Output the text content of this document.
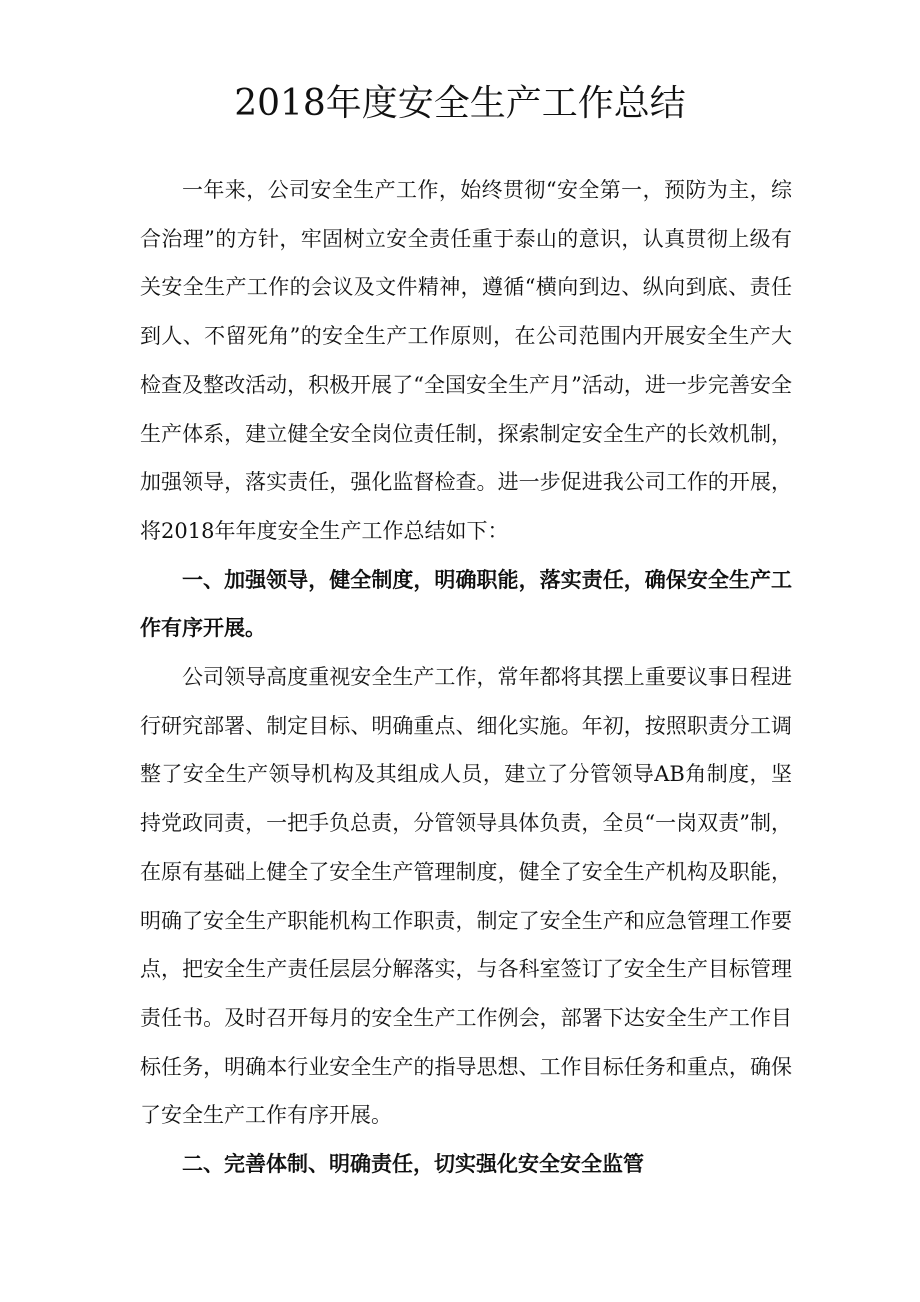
2018年度安全生产工作总结

一年来，公司安全生产工作，始终贯彻“安全第一，预防为主，综合治理”的方针，牢固树立安全责任重于泰山的意识，认真贯彻上级有关安全生产工作的会议及文件精神，遵循“横向到边、纵向到底、责任到人、不留死角”的安全生产工作原则，在公司范围内开展安全生产大检查及整改活动，积极开展了“全国安全生产月”活动，进一步完善安全生产体系，建立健全安全岗位责任制，探索制定安全生产的长效机制，加强领导，落实责任，强化监督检查。进一步促进我公司工作的开展，将2018年年度安全生产工作总结如下：

一、加强领导，健全制度，明确职能，落实责任，确保安全生产工作有序开展。

公司领导高度重视安全生产工作，常年都将其摆上重要议事日程进行研究部署、制定目标、明确重点、细化实施。年初，按照职责分工调整了安全生产领导机构及其组成人员，建立了分管领导AB角制度，坚持党政同责，一把手负总责，分管领导具体负责，全员“一岗双责”制，在原有基础上健全了安全生产管理制度，健全了安全生产机构及职能，明确了安全生产职能机构工作职责，制定了安全生产和应急管理工作要点，把安全生产责任层层分解落实，与各科室签订了安全生产目标管理责任书。及时召开每月的安全生产工作例会，部署下达安全生产工作目标任务，明确本行业安全生产的指导思想、工作目标任务和重点，确保了安全生产工作有序开展。

二、完善体制、明确责任，切实强化安全安全监管
